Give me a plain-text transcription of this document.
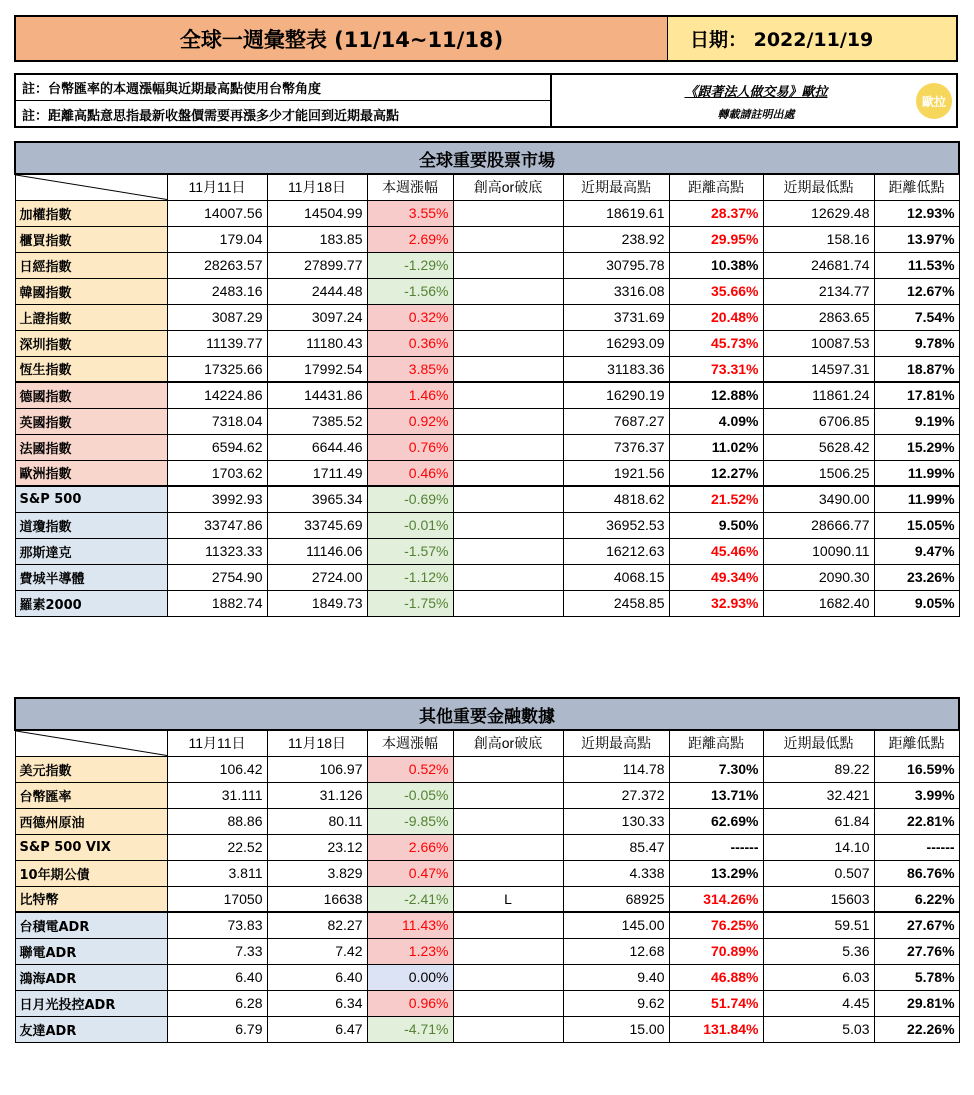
全球一週彙整表 (11/14~11/18)	日期： 2022/11/19
註：台幣匯率的本週漲幅與近期最高點使用台幣角度
註：距離高點意思指最新收盤價需要再漲多少才能回到近期最高點
《跟著法人做交易》歐拉
轉載請註明出處
歐拉
全球重要股票市場								

	11月11日	11月18日	本週漲幅	創高or破底	近期最高點	距離高點	近期最低點	距離低點
加權指數	14007.56	14504.99	3.55%		18619.61	28.37%	12629.48	12.93%
櫃買指數	179.04	183.85	2.69%		238.92	29.95%	158.16	13.97%
日經指數	28263.57	27899.77	-1.29%		30795.78	10.38%	24681.74	11.53%
韓國指數	2483.16	2444.48	-1.56%		3316.08	35.66%	2134.77	12.67%
上證指數	3087.29	3097.24	0.32%		3731.69	20.48%	2863.65	7.54%
深圳指數	11139.77	11180.43	0.36%		16293.09	45.73%	10087.53	9.78%
恆生指數	17325.66	17992.54	3.85%		31183.36	73.31%	14597.31	18.87%
德國指數	14224.86	14431.86	1.46%		16290.19	12.88%	11861.24	17.81%
英國指數	7318.04	7385.52	0.92%		7687.27	4.09%	6706.85	9.19%
法國指數	6594.62	6644.46	0.76%		7376.37	11.02%	5628.42	15.29%
歐洲指數	1703.62	1711.49	0.46%		1921.56	12.27%	1506.25	11.99%
S&P 500	3992.93	3965.34	-0.69%		4818.62	21.52%	3490.00	11.99%
道瓊指數	33747.86	33745.69	-0.01%		36952.53	9.50%	28666.77	15.05%
那斯達克	11323.33	11146.06	-1.57%		16212.63	45.46%	10090.11	9.47%
費城半導體	2754.90	2724.00	-1.12%		4068.15	49.34%	2090.30	23.26%
羅素2000	1882.74	1849.73	-1.75%		2458.85	32.93%	1682.40	9.05%
其他重要金融數據								

	11月11日	11月18日	本週漲幅	創高or破底	近期最高點	距離高點	近期最低點	距離低點
美元指數	106.42	106.97	0.52%		114.78	7.30%	89.22	16.59%
台幣匯率	31.111	31.126	-0.05%		27.372	13.71%	32.421	3.99%
西德州原油	88.86	80.11	-9.85%		130.33	62.69%	61.84	22.81%
S&P 500 VIX	22.52	23.12	2.66%		85.47	------	14.10	------
10年期公債	3.811	3.829	0.47%		4.338	13.29%	0.507	86.76%
比特幣	17050	16638	-2.41%	L	68925	314.26%	15603	6.22%
台積電ADR	73.83	82.27	11.43%		145.00	76.25%	59.51	27.67%
聯電ADR	7.33	7.42	1.23%		12.68	70.89%	5.36	27.76%
鴻海ADR	6.40	6.40	0.00%		9.40	46.88%	6.03	5.78%
日月光投控ADR	6.28	6.34	0.96%		9.62	51.74%	4.45	29.81%
友達ADR	6.79	6.47	-4.71%		15.00	131.84%	5.03	22.26%
